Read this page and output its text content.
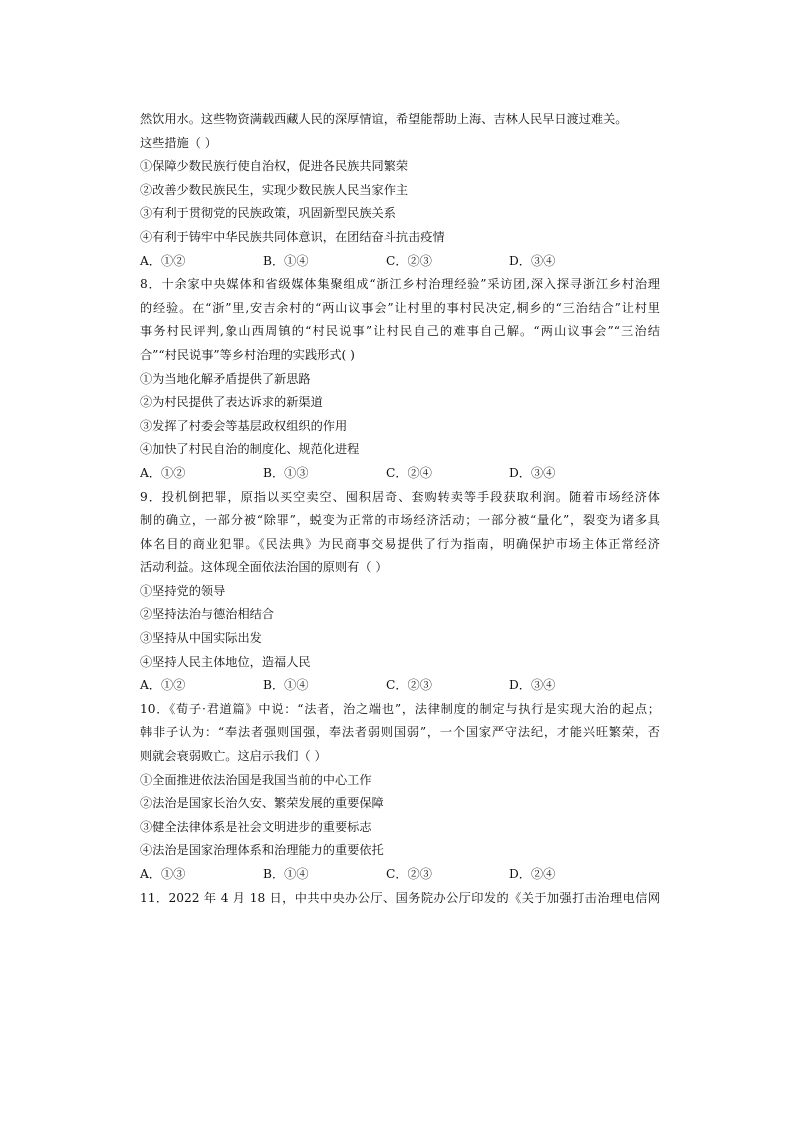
然饮用水。这些物资满载西藏人民的深厚情谊，希望能帮助上海、吉林人民早日渡过难关。
这些措施（ ）
①保障少数民族行使自治权，促进各民族共同繁荣
②改善少数民族民生，实现少数民族人民当家作主
③有利于贯彻党的民族政策，巩固新型民族关系
④有利于铸牢中华民族共同体意识，在团结奋斗抗击疫情
A．①②	B．①④	C．②③	D．③④
8．十余家中央媒体和省级媒体集聚组成“浙江乡村治理经验”采访团,深入探寻浙江乡村治理
的经验。在“浙”里,安吉余村的“两山议事会”让村里的事村民决定,桐乡的“三治结合”让村里
事务村民评判,象山西周镇的“村民说事”让村民自己的难事自己解。“两山议事会”“三治结
合”“村民说事”等乡村治理的实践形式( )
①为当地化解矛盾提供了新思路
②为村民提供了表达诉求的新渠道
③发挥了村委会等基层政权组织的作用
④加快了村民自治的制度化、规范化进程
A．①②	B．①③	C．②④	D．③④
9．投机倒把罪，原指以买空卖空、囤积居奇、套购转卖等手段获取利润。随着市场经济体
制的确立，一部分被“除罪”，蜕变为正常的市场经济活动；一部分被“量化”，裂变为诸多具
体名目的商业犯罪。《民法典》为民商事交易提供了行为指南，明确保护市场主体正常经济
活动利益。这体现全面依法治国的原则有（ ）
①坚持党的领导
②坚持法治与德治相结合
③坚持从中国实际出发
④坚持人民主体地位，造福人民
A．①②	B．①④	C．②③	D．③④
10．《荀子·君道篇》中说：“法者，治之端也”，法律制度的制定与执行是实现大治的起点；
韩非子认为：“奉法者强则国强，奉法者弱则国弱”，一个国家严守法纪，才能兴旺繁荣，否
则就会衰弱败亡。这启示我们（ ）
①全面推进依法治国是我国当前的中心工作
②法治是国家长治久安、繁荣发展的重要保障
③健全法律体系是社会文明进步的重要标志
④法治是国家治理体系和治理能力的重要依托
A．①③	B．①④	C．②③	D．②④
11．2022 年 4 月 18 日，中共中央办公厅、国务院办公厅印发的《关于加强打击治理电信网
